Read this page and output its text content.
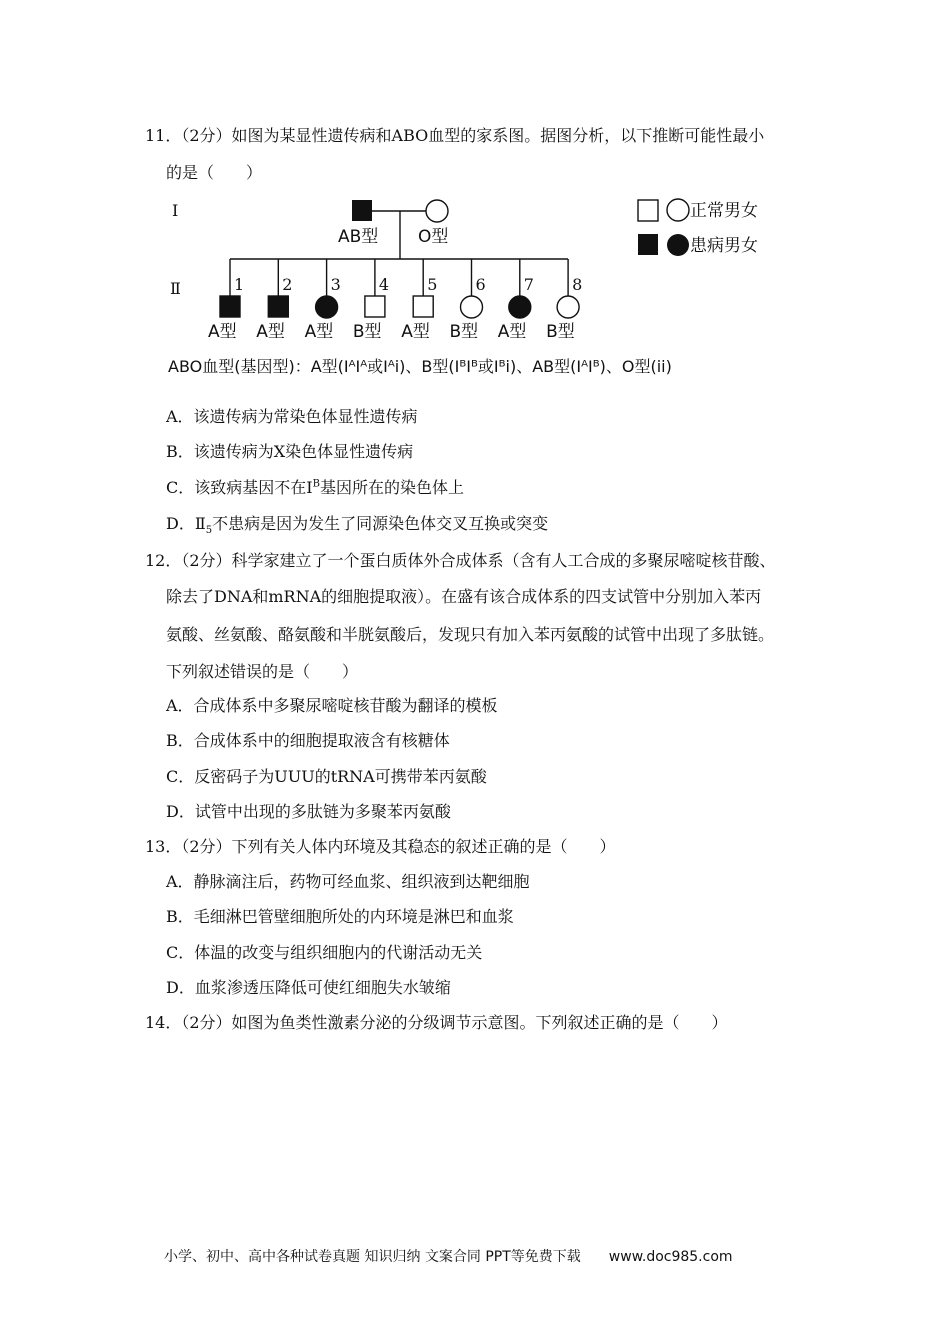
11．（2分）如图为某显性遗传病和ABO血型的家系图。据图分析，以下推断可能性最小
的是（　　）
I
Ⅱ
AB型 O型
1
A型
2
A型
3
A型
4
B型
5
A型
6
B型
7
A型
8
B型
正常男女
患病男女
ABO血型(基因型)：A型(IᴬIᴬ或Iᴬi)、B型(IᴮIᴮ或Iᴮi)、AB型(IᴬIᴮ)、O型(ii)
A．该遗传病为常染色体显性遗传病
B．该遗传病为X染色体显性遗传病
C．该致病基因不在$I^B$基因所在的染色体上
D．$Ⅱ_5$不患病是因为发生了同源染色体交叉互换或突变
12．（2分）科学家建立了一个蛋白质体外合成体系（含有人工合成的多聚尿嘧啶核苷酸、
除去了DNA和mRNA的细胞提取液）。在盛有该合成体系的四支试管中分别加入苯丙
氨酸、丝氨酸、酪氨酸和半胱氨酸后，发现只有加入苯丙氨酸的试管中出现了多肽链。
下列叙述错误的是（　　）
A．合成体系中多聚尿嘧啶核苷酸为翻译的模板
B．合成体系中的细胞提取液含有核糖体
C．反密码子为UUU的tRNA可携带苯丙氨酸
D．试管中出现的多肽链为多聚苯丙氨酸
13．（2分）下列有关人体内环境及其稳态的叙述正确的是（　　）
A．静脉滴注后，药物可经血浆、组织液到达靶细胞
B．毛细淋巴管壁细胞所处的内环境是淋巴和血浆
C．体温的改变与组织细胞内的代谢活动无关
D．血浆渗透压降低可使红细胞失水皱缩
14．（2分）如图为鱼类性激素分泌的分级调节示意图。下列叙述正确的是（　　）
小学、初中、高中各种试卷真题 知识归纳 文案合同 PPT等免费下载 www.doc985.com
